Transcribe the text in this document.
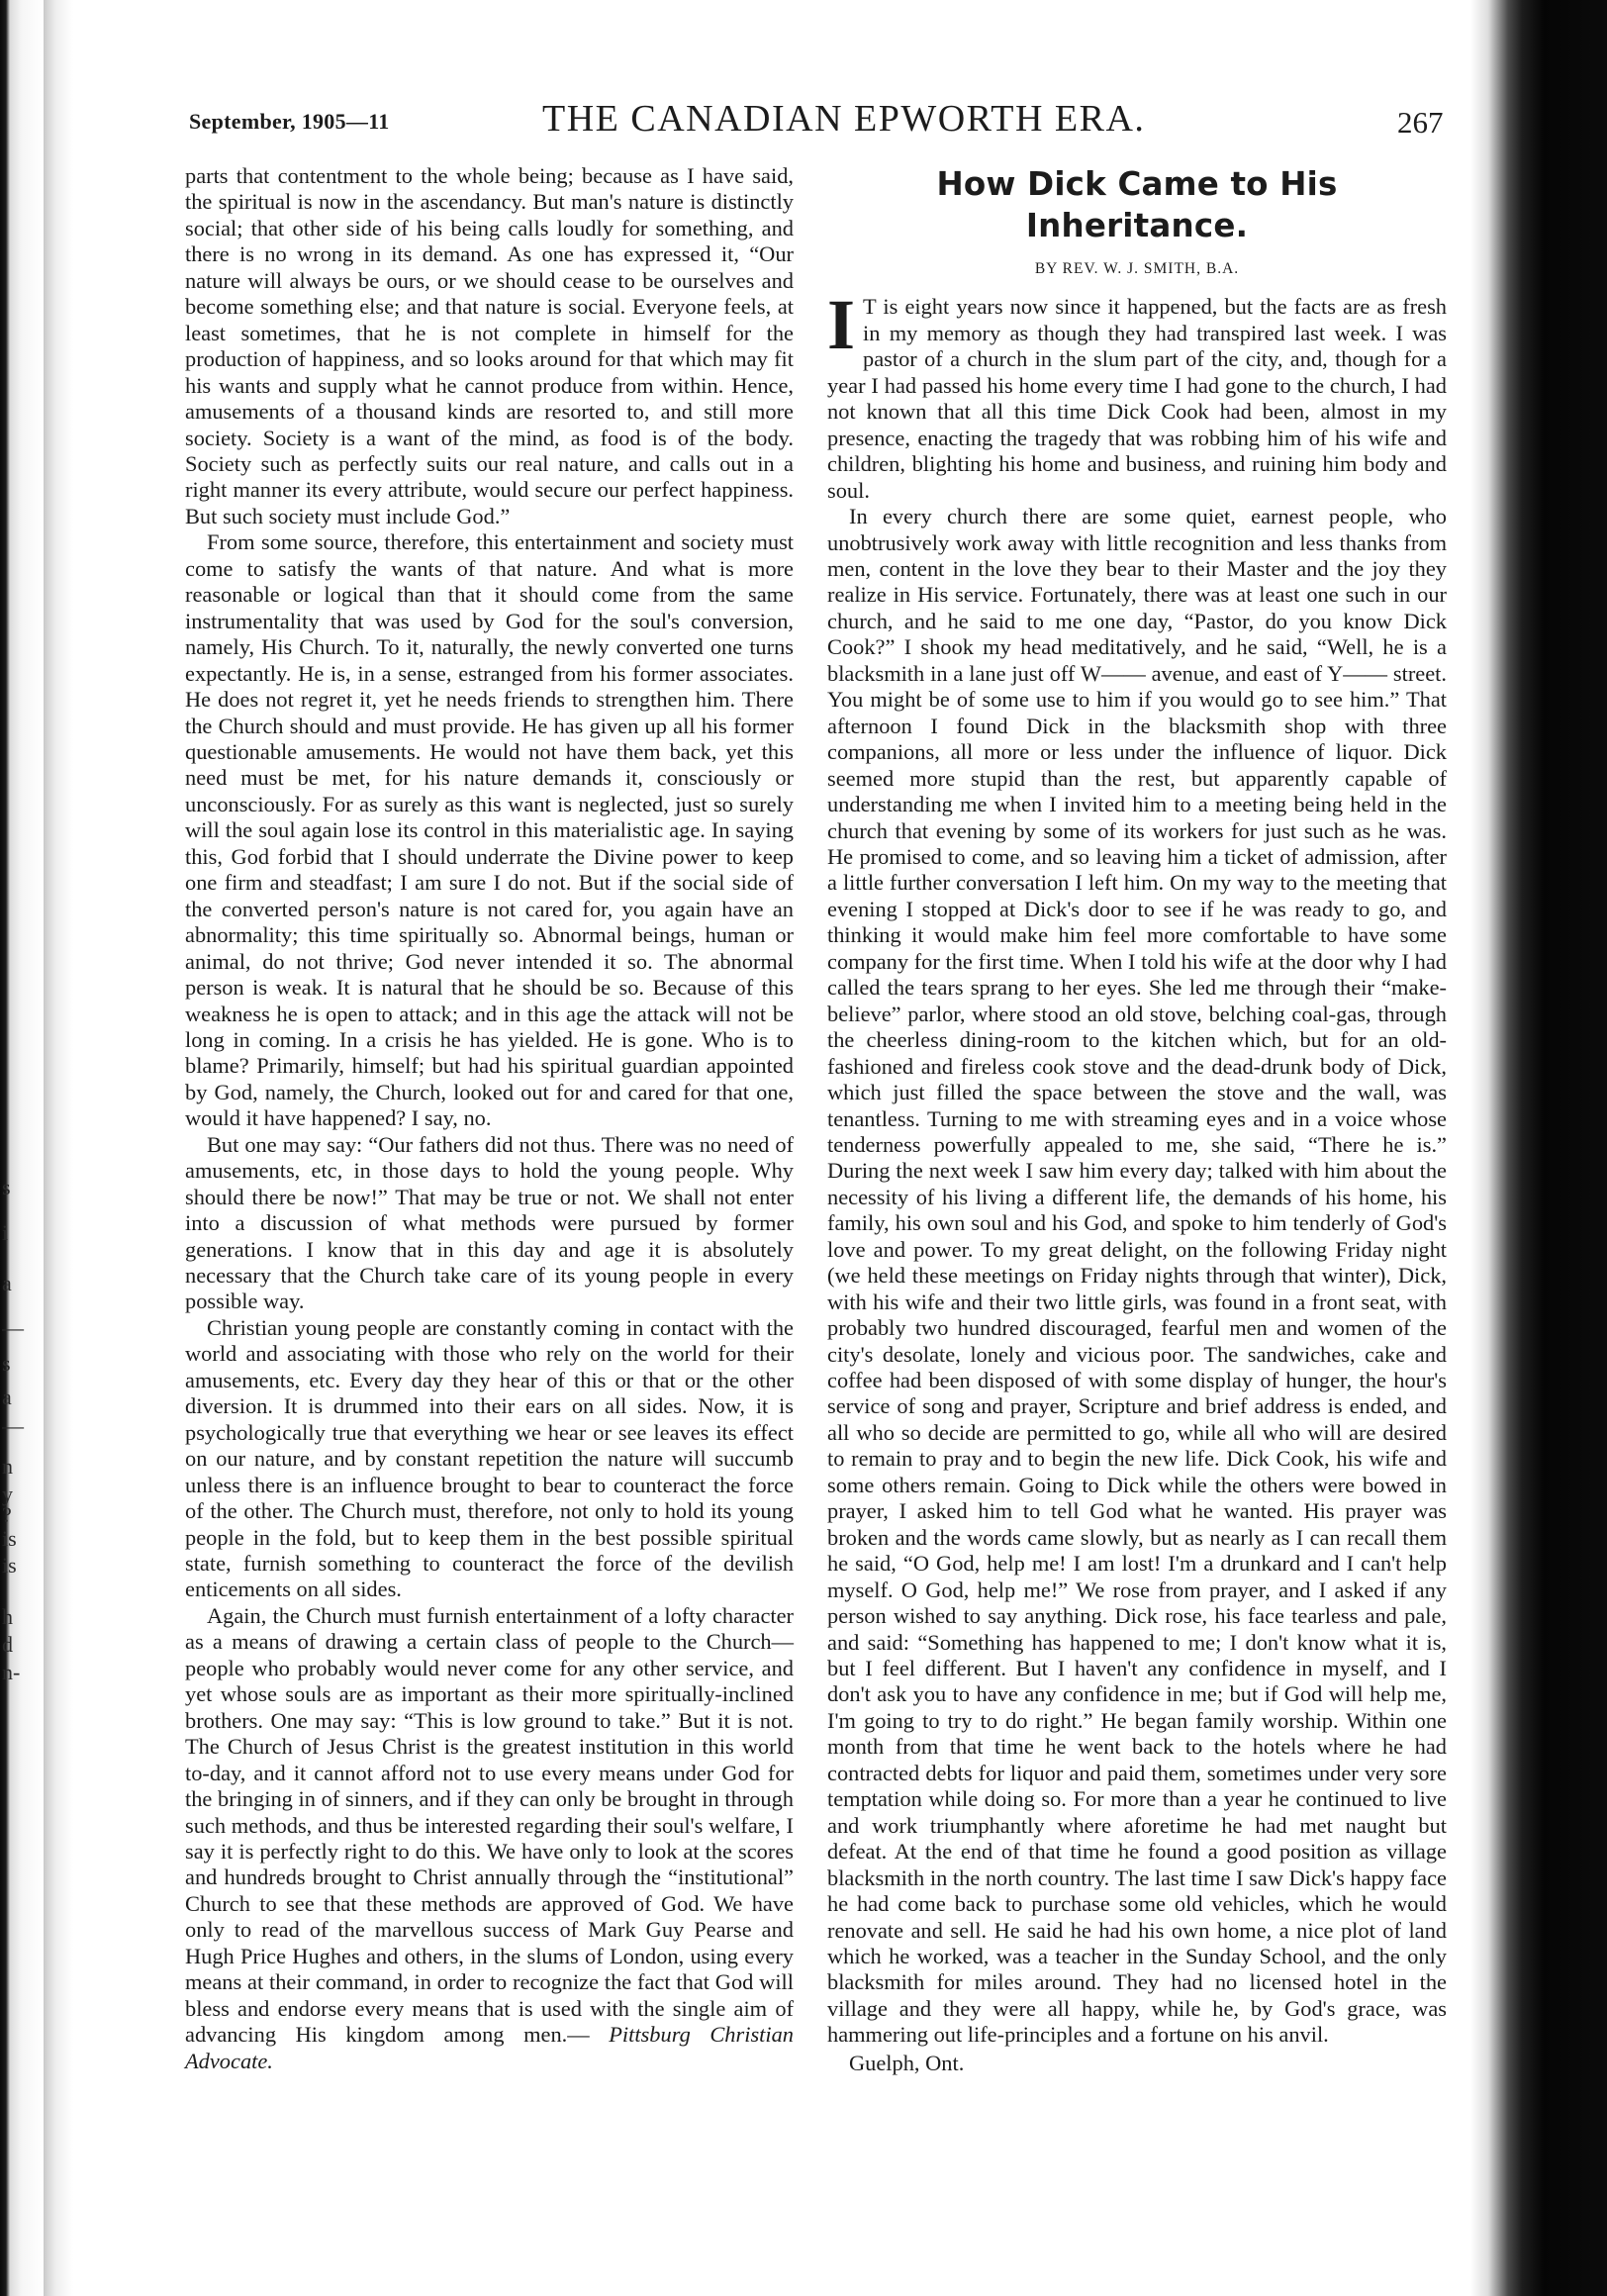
s
i
a
—
s
a
—
n
y
?
is
is
h
d
n-
September, 1905—11	THE CANADIAN EPWORTH ERA.	267

parts that contentment to the whole being; because as I have said, the spiritual is now in the ascendancy. But man's nature is distinctly social; that other side of his being calls loudly for something, and there is no wrong in its demand. As one has expressed it, “Our nature will always be ours, or we should cease to be ourselves and become something else; and that nature is social. Everyone feels, at least sometimes, that he is not complete in himself for the production of happiness, and so looks around for that which may fit his wants and supply what he cannot produce from within. Hence, amusements of a thousand kinds are resorted to, and still more society. Society is a want of the mind, as food is of the body. Society such as perfectly suits our real nature, and calls out in a right manner its every attribute, would secure our perfect happiness. But such society must include God.”

From some source, therefore, this entertainment and society must come to satisfy the wants of that nature. And what is more reasonable or logical than that it should come from the same instrumentality that was used by God for the soul's conversion, namely, His Church. To it, naturally, the newly converted one turns expectantly. He is, in a sense, estranged from his former associates. He does not regret it, yet he needs friends to strengthen him. There the Church should and must provide. He has given up all his former questionable amusements. He would not have them back, yet this need must be met, for his nature demands it, consciously or unconsciously. For as surely as this want is neglected, just so surely will the soul again lose its control in this materialistic age. In saying this, God forbid that I should underrate the Divine power to keep one firm and steadfast; I am sure I do not. But if the social side of the converted person's nature is not cared for, you again have an abnormality; this time spiritually so. Abnormal beings, human or animal, do not thrive; God never intended it so. The abnormal person is weak. It is natural that he should be so. Because of this weakness he is open to attack; and in this age the attack will not be long in coming. In a crisis he has yielded. He is gone. Who is to blame? Primarily, himself; but had his spiritual guardian appointed by God, namely, the Church, looked out for and cared for that one, would it have happened? I say, no.

But one may say: “Our fathers did not thus. There was no need of amusements, etc, in those days to hold the young people. Why should there be now!” That may be true or not. We shall not enter into a discussion of what methods were pursued by former generations. I know that in this day and age it is absolutely necessary that the Church take care of its young people in every possible way.

Christian young people are constantly coming in contact with the world and associating with those who rely on the world for their amusements, etc. Every day they hear of this or that or the other diversion. It is drummed into their ears on all sides. Now, it is psychologically true that everything we hear or see leaves its effect on our nature, and by constant repetition the nature will succumb unless there is an influence brought to bear to counteract the force of the other. The Church must, therefore, not only to hold its young people in the fold, but to keep them in the best possible spiritual state, furnish something to counteract the force of the devilish enticements on all sides.

Again, the Church must furnish entertainment of a lofty character as a means of drawing a certain class of people to the Church—people who probably would never come for any other service, and yet whose souls are as important as their more spiritually-inclined brothers. One may say: “This is low ground to take.” But it is not. The Church of Jesus Christ is the greatest institution in this world to-day, and it cannot afford not to use every means under God for the bringing in of sinners, and if they can only be brought in through such methods, and thus be interested regarding their soul's welfare, I say it is perfectly right to do this. We have only to look at the scores and hundreds brought to Christ annually through the “institutional” Church to see that these methods are approved of God. We have only to read of the marvellous success of Mark Guy Pearse and Hugh Price Hughes and others, in the slums of London, using every means at their command, in order to recognize the fact that God will bless and endorse every means that is used with the single aim of advancing His kingdom among men.— Pittsburg Christian Advocate.

How Dick Came to His Inheritance.
BY REV. W. J. SMITH, B.A.

I T is eight years now since it happened, but the facts are as fresh in my memory as though they had transpired last week. I was pastor of a church in the slum part of the city, and, though for a year I had passed his home every time I had gone to the church, I had not known that all this time Dick Cook had been, almost in my presence, enacting the tragedy that was robbing him of his wife and children, blighting his home and business, and ruining him body and soul.

In every church there are some quiet, earnest people, who unobtrusively work away with little recognition and less thanks from men, content in the love they bear to their Master and the joy they realize in His service. Fortunately, there was at least one such in our church, and he said to me one day, “Pastor, do you know Dick Cook?” I shook my head meditatively, and he said, “Well, he is a blacksmith in a lane just off W—— avenue, and east of Y—— street. You might be of some use to him if you would go to see him.” That afternoon I found Dick in the blacksmith shop with three companions, all more or less under the influence of liquor. Dick seemed more stupid than the rest, but apparently capable of understanding me when I invited him to a meeting being held in the church that evening by some of its workers for just such as he was. He promised to come, and so leaving him a ticket of admission, after a little further conversation I left him. On my way to the meeting that evening I stopped at Dick's door to see if he was ready to go, and thinking it would make him feel more comfortable to have some company for the first time. When I told his wife at the door why I had called the tears sprang to her eyes. She led me through their “make-believe” parlor, where stood an old stove, belching coal-gas, through the cheerless dining-room to the kitchen which, but for an old-fashioned and fireless cook stove and the dead-drunk body of Dick, which just filled the space between the stove and the wall, was tenantless. Turning to me with streaming eyes and in a voice whose tenderness powerfully appealed to me, she said, “There he is.” During the next week I saw him every day; talked with him about the necessity of his living a different life, the demands of his home, his family, his own soul and his God, and spoke to him tenderly of God's love and power. To my great delight, on the following Friday night (we held these meetings on Friday nights through that winter), Dick, with his wife and their two little girls, was found in a front seat, with probably two hundred discouraged, fearful men and women of the city's desolate, lonely and vicious poor. The sandwiches, cake and coffee had been disposed of with some display of hunger, the hour's service of song and prayer, Scripture and brief address is ended, and all who so decide are permitted to go, while all who will are desired to remain to pray and to begin the new life. Dick Cook, his wife and some others remain. Going to Dick while the others were bowed in prayer, I asked him to tell God what he wanted. His prayer was broken and the words came slowly, but as nearly as I can recall them he said, “O God, help me! I am lost! I'm a drunkard and I can't help myself. O God, help me!” We rose from prayer, and I asked if any person wished to say anything. Dick rose, his face tearless and pale, and said: “Something has happened to me; I don't know what it is, but I feel different. But I haven't any confidence in myself, and I don't ask you to have any confidence in me; but if God will help me, I'm going to try to do right.” He began family worship. Within one month from that time he went back to the hotels where he had contracted debts for liquor and paid them, sometimes under very sore temptation while doing so. For more than a year he continued to live and work triumphantly where aforetime he had met naught but defeat. At the end of that time he found a good position as village blacksmith in the north country. The last time I saw Dick's happy face he had come back to purchase some old vehicles, which he would renovate and sell. He said he had his own home, a nice plot of land which he worked, was a teacher in the Sunday School, and the only blacksmith for miles around. They had no licensed hotel in the village and they were all happy, while he, by God's grace, was hammering out life-principles and a fortune on his anvil.

Guelph, Ont.
